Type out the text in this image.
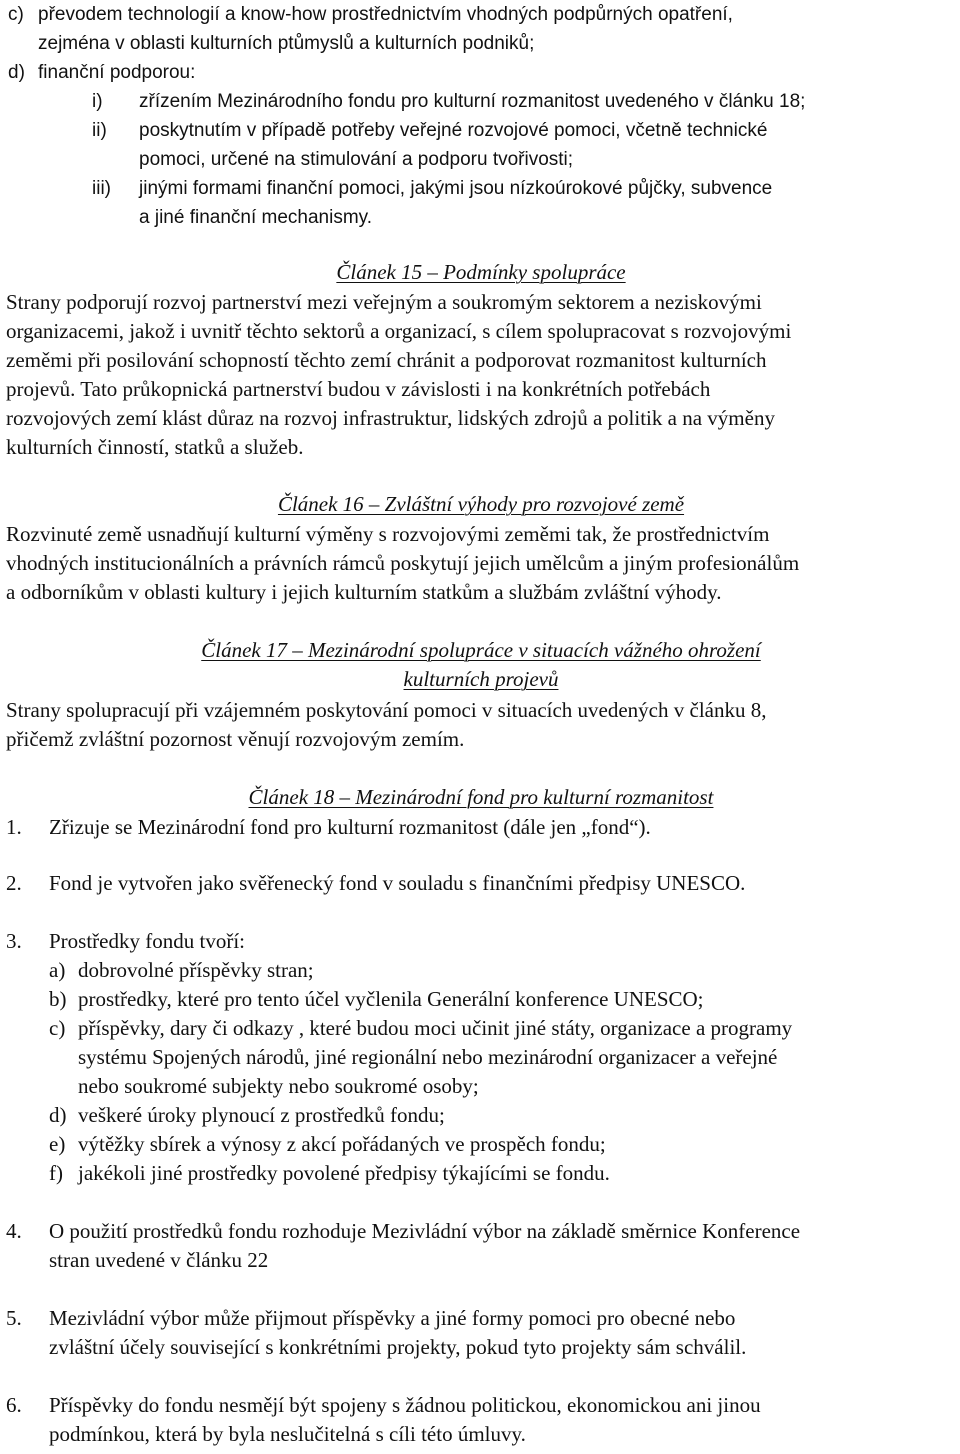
c) převodem technologií a know-how prostřednictvím vhodných podpůrných opatření,
zejména v oblasti kulturních ptůmyslů a kulturních podniků;
d) finanční podporou:
i) zřízením Mezinárodního fondu pro kulturní rozmanitost uvedeného v článku 18;
ii) poskytnutím v případě potřeby veřejné rozvojové pomoci, včetně technické
pomoci, určené na stimulování a podporu tvořivosti;
iii) jinými formami finanční pomoci, jakými jsou nízkoúrokové půjčky, subvence
a jiné finanční mechanismy.
Článek 15 – Podmínky spolupráce
Strany podporují rozvoj partnerství mezi veřejným a soukromým sektorem a neziskovými
organizacemi, jakož i uvnitř těchto sektorů a organizací, s cílem spolupracovat s rozvojovými
zeměmi při posilování schopností těchto zemí chránit a podporovat rozmanitost kulturních
projevů. Tato průkopnická partnerství budou v závislosti i na konkrétních potřebách
rozvojových zemí klást důraz na rozvoj infrastruktur, lidských zdrojů a politik a na výměny
kulturních činností, statků a služeb.
Článek 16 – Zvláštní výhody pro rozvojové země
Rozvinuté země usnadňují kulturní výměny s rozvojovými zeměmi tak, že prostřednictvím
vhodných institucionálních a právních rámců poskytují jejich umělcům a jiným profesionálům
a odborníkům v oblasti kultury i jejich kulturním statkům a službám zvláštní výhody.
Článek 17 – Mezinárodní spolupráce v situacích vážného ohrožení
kulturních projevů
Strany spolupracují při vzájemném poskytování pomoci v situacích uvedených v článku 8,
přičemž zvláštní pozornost věnují rozvojovým zemím.
Článek 18 – Mezinárodní fond pro kulturní rozmanitost
1. Zřizuje se Mezinárodní fond pro kulturní rozmanitost (dále jen „fond“).
2. Fond je vytvořen jako svěřenecký fond v souladu s finančními předpisy UNESCO.
3. Prostředky fondu tvoří:
a) dobrovolné příspěvky stran;
b) prostředky, které pro tento účel vyčlenila Generální konference UNESCO;
c) příspěvky, dary či odkazy , které budou moci učinit jiné státy, organizace a programy
systému Spojených národů, jiné regionální nebo mezinárodní organizacer a veřejné
nebo soukromé subjekty nebo soukromé osoby;
d) veškeré úroky plynoucí z prostředků fondu;
e) výtěžky sbírek a výnosy z akcí pořádaných ve prospěch fondu;
f) jakékoli jiné prostředky povolené předpisy týkajícími se fondu.
4. O použití prostředků fondu rozhoduje Mezivládní výbor na základě směrnice Konference
stran uvedené v článku 22
5. Mezivládní výbor může přijmout příspěvky a jiné formy pomoci pro obecné nebo
zvláštní účely související s konkrétními projekty, pokud tyto projekty sám schválil.
6. Příspěvky do fondu nesmějí být spojeny s žádnou politickou, ekonomickou ani jinou
podmínkou, která by byla neslučitelná s cíli této úmluvy.
